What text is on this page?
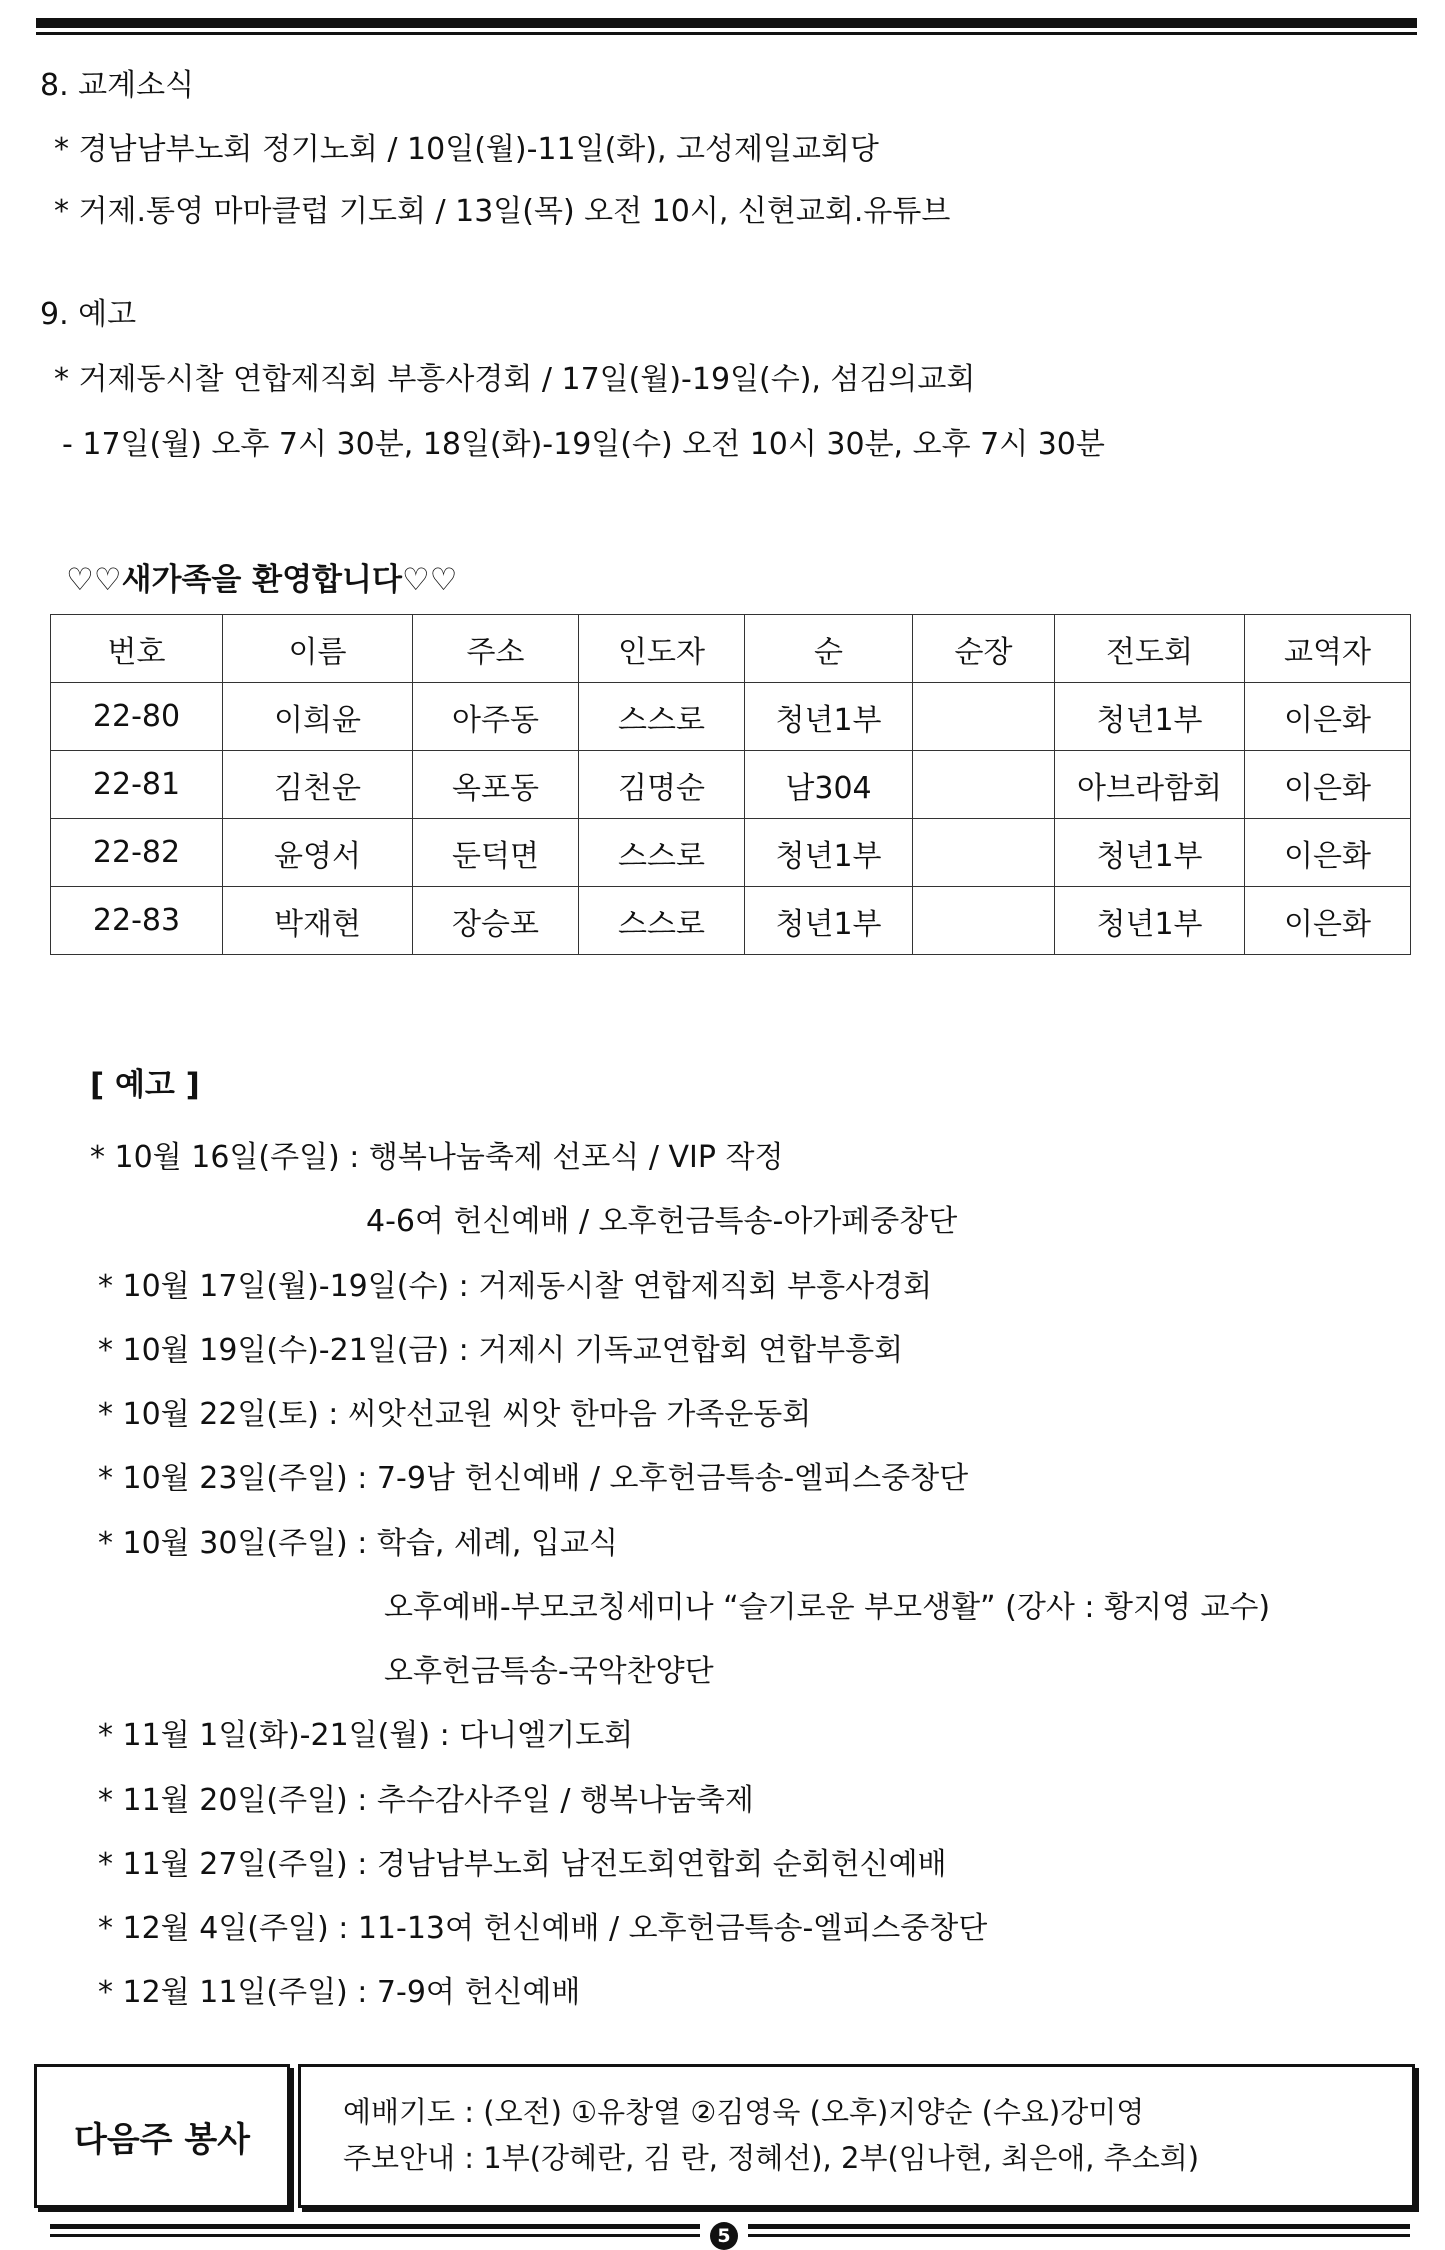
8. 교계소식
* 경남남부노회 정기노회 / 10일(월)-11일(화), 고성제일교회당
* 거제.통영 마마클럽 기도회 / 13일(목) 오전 10시, 신현교회.유튜브
9. 예고
* 거제동시찰 연합제직회 부흥사경회 / 17일(월)-19일(수), 섬김의교회
- 17일(월) 오후 7시 30분, 18일(화)-19일(수) 오전 10시 30분, 오후 7시 30분
♡♡새가족을 환영합니다♡♡
번호	이름	주소	인도자	순	순장	전도회	교역자
22-80	이희윤	아주동	스스로	청년1부		청년1부	이은화
22-81	김천운	옥포동	김명순	남304		아브라함회	이은화
22-82	윤영서	둔덕면	스스로	청년1부		청년1부	이은화
22-83	박재현	장승포	스스로	청년1부		청년1부	이은화
[ 예고 ]
* 10월 16일(주일) : 행복나눔축제 선포식 / VIP 작정
4-6여 헌신예배 / 오후헌금특송-아가페중창단
* 10월 17일(월)-19일(수) : 거제동시찰 연합제직회 부흥사경회
* 10월 19일(수)-21일(금) : 거제시 기독교연합회 연합부흥회
* 10월 22일(토) : 씨앗선교원 씨앗 한마음 가족운동회
* 10월 23일(주일) : 7-9남 헌신예배 / 오후헌금특송-엘피스중창단
* 10월 30일(주일) : 학습, 세례, 입교식
오후예배-부모코칭세미나 “슬기로운 부모생활” (강사 : 황지영 교수)
오후헌금특송-국악찬양단
* 11월 1일(화)-21일(월) : 다니엘기도회
* 11월 20일(주일) : 추수감사주일 / 행복나눔축제
* 11월 27일(주일) : 경남남부노회 남전도회연합회 순회헌신예배
* 12월 4일(주일) : 11-13여 헌신예배 / 오후헌금특송-엘피스중창단
* 12월 11일(주일) : 7-9여 헌신예배
다음주 봉사
예배기도 : (오전) ①유창열 ②김영욱 (오후)지양순 (수요)강미영
주보안내 : 1부(강혜란, 김 란, 정혜선), 2부(임나현, 최은애, 추소희)
5
